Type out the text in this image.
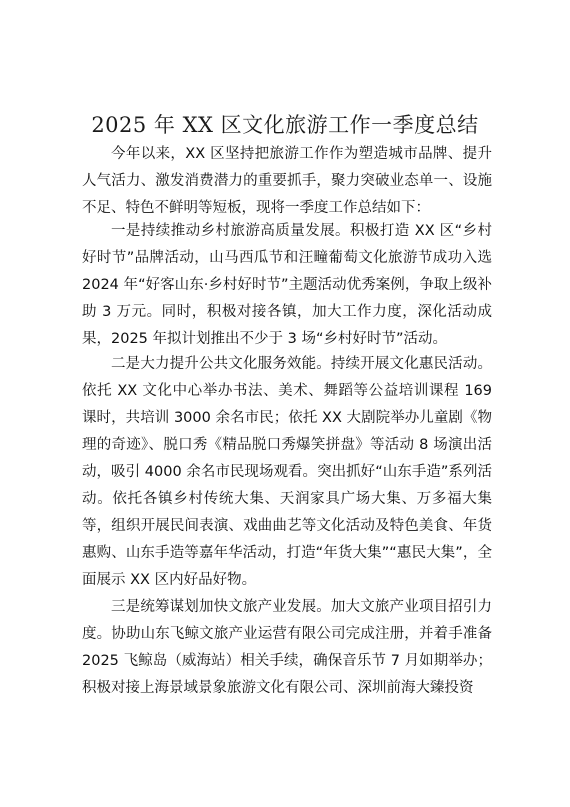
2025 年 XX 区文化旅游工作一季度总结

今年以来，XX 区坚持把旅游工作作为塑造城市品牌、提升人气活力、激发消费潜力的重要抓手，聚力突破业态单一、设施不足、特色不鲜明等短板，现将一季度工作总结如下：

一是持续推动乡村旅游高质量发展。积极打造 XX 区“乡村好时节”品牌活动，山马西瓜节和汪疃葡萄文化旅游节成功入选 2024 年“好客山东·乡村好时节”主题活动优秀案例，争取上级补助 3 万元。同时，积极对接各镇，加大工作力度，深化活动成果，2025 年拟计划推出不少于 3 场“乡村好时节”活动。

二是大力提升公共文化服务效能。持续开展文化惠民活动。依托 XX 文化中心举办书法、美术、舞蹈等公益培训课程 169 课时，共培训 3000 余名市民；依托 XX 大剧院举办儿童剧《物理的奇迹》、脱口秀《精品脱口秀爆笑拼盘》等活动 8 场演出活动，吸引 4000 余名市民现场观看。突出抓好“山东手造”系列活动。依托各镇乡村传统大集、天润家具广场大集、万多福大集等，组织开展民间表演、戏曲曲艺等文化活动及特色美食、年货惠购、山东手造等嘉年华活动，打造“年货大集”“惠民大集”，全面展示 XX 区内好品好物。

三是统筹谋划加快文旅产业发展。加大文旅产业项目招引力度。协助山东飞鲸文旅产业运营有限公司完成注册，并着手准备 2025 飞鲸岛（威海站）相关手续，确保音乐节 7 月如期举办；积极对接上海景域景象旅游文化有限公司、深圳前海大臻投资
